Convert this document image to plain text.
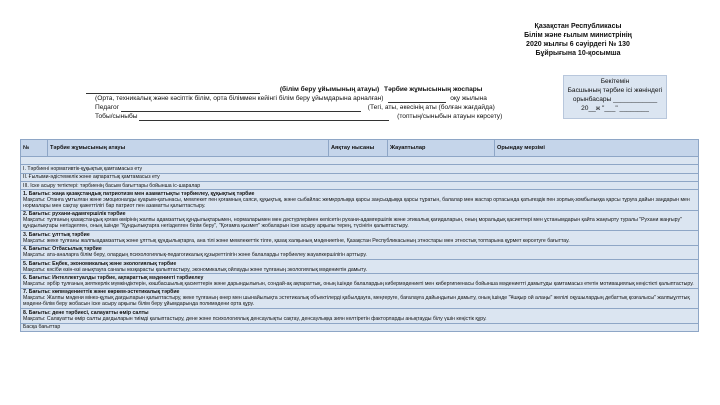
Қазақстан Республикасы
Білім және ғылым министрінің
2020 жылғы 6 сәуірдегі № 130
Бұйрығына 10-қосымша
Бекітемін
Басшының тәрбие ісі жөніндегі
орынбасары ____________
20__ж "___" ________
(білім беру ұйымының атауы) Тәрбие жұмысының жоспары
(Орта, техникалық және кәсіптік білім, орта біліммен кейінгі білім беру ұйымдарына арналған)	оқу жылына
Педагог	(Тегі, аты, әкесінің аты (болған жағдайда)
Тобы/сыныбы	(топтың/сыныбын атауын көрсету)
№	Тәрбие жұмысының атауы	Аяқтау нысаны	Жауаптылар	Орындау мерзімі

I. Тәрбиені нормативтік-құқықтық қамтамасыз ету
II. Ғылыми-әдістемелік және ақпараттық қамтамасыз ету
III. Іске асыру тетіктері: тәрбиенің басым бағыттары бойынша іс-шаралар

1. Бағыты: жаңа қазақстандық патриотизм мен азаматтықты тәрбиелеу, құқықтық тәрбие
Мақсаты: Отанға ұмтылған және эмоционалды қуарым-қатынасы, мемлекет пен қоғамның саяси, құқықтық, және сыбайлас жемқорлыққа қарсы заңсыздыққа қарсы тұратын, балалар мен жастар ортасында қатыгездік пен зорлық-зомбылыққа қарсы тұруға дайын заңдарын мен нормалары мен сақтау қажеттілігі бар патриот пен азаматты қалыптастыру.

2. Бағыты: рухани-адамгершілік тәрбие
Мақсаты: тұлғаның қазақстандық қоғам өмірінің жалпы адамзаттық құндылықтарымен, нормаларымен мен дәстүрлерімен келісетін рухани-адамгершілік және этикалық қағидаларын, оның моральдық қасиеттері мен ұстанымдарын қайта жаңғырту туралы "Рухани жаңғыру" құндылықтары негізделген, оның ішінде "Құндылықтарға негізделген білім беру", "Қоғамға қызмет" жобаларын іске асыру арқылы терең, түсінігін қалыптастыру.

3. Бағыты: ұлттық тәрбие
Мақсаты: жеке тұлғаны жалпыадамзаттық және ұлттық құндылықтарға, ана тілі және мемлекеттік тілге, қазақ халқының мәдениетіне, Қазақстан Республикасының этностары мен этностық топтарына құрмет көрсетуге бағыттау.

4. Бағыты: Отбасылық тәрбие
Мақсаты: ата-аналарға білім беру, олардың психологиялық-педагогикалық құзыреттілігін және балаларды тәрбиелеу жауапкершілігін арттыру.

5. Бағыты: Еңбек, экономикалық және экологиялық тәрбие
Мақсаты: кәсіби өзін-өзі анықтауға саналы көзқарасты қалыптастыру, экономикалық ойлауды және тұлғаның экологиялық мәдениетін дамыту.

6. Бағыты: Интеллектуалды тәрбие, ақпараттық мәдениеті тәрбиелеу
Мақсаты: әрбір тұлғаның зияткерлік мүмкіндіктерін, көшбасшылық қасиеттерін және дарындылығын, сондай-ақ ақпараттық, оның ішінде балалардың кибермәдениеті мен кибергигиенасы бойынша мәдениетті дамытуды қамтамасыз ететін мотивациялық кеңістікті қалыптастыру.

7. Бағыты: көпмәдениеттік және көркем-эстетикалық тәрбие
Мақсаты: Жалпы мәдени мінез-құлық дағдыларын қалыптастыру, жеке тұлғаның өнер мен шынайылықта эстетикалық объектілерді қабылдауға, меңгеруге, бағалауға дайындығын дамыту, оның ішінде "Ұшқыр ой алаңы" желілі оқушылардың дебаттық қозғалысы" жалпыұлттық мәдени-білім беру жобасын іске асыру арқылы білім беру ұйымдарында полимәдени орта құру.

8. Бағыты: дене тәрбиесі, салауатты өмір салты
Мақсаты: Салауатты өмір салты дағдыларын тиімді қалыптастыру, дене және психологиялық денсаулықты сақтау, денсаулыққа зиян келтіретін факторларды анықтауды білу үшін кеңістік құру.
Басқа бағыттар
